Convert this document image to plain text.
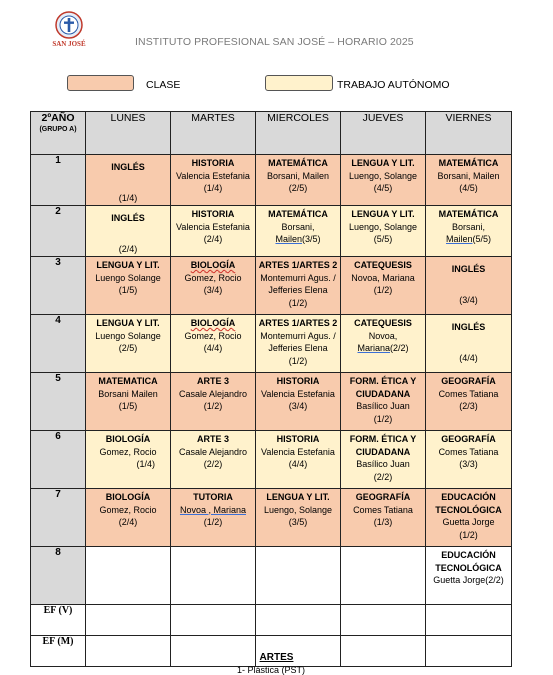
SAN JOSÉ	INSTITUTO PROFESIONAL SAN JOSÉ – HORARIO 2025
CLASE	TRABAJO AUTÓNOMO
2ºAÑO
(GRUPO A)	LUNES	MARTES	MIERCOLES	JUEVES	VIERNES
1	INGLÉS
(1/4)	HISTORIA
Valencia Estefania
(1/4)	MATEMÁTICA
Borsani, Mailen
(2/5)	LENGUA Y LIT.
Luengo, Solange
(4/5)	MATEMÁTICA
Borsani, Mailen
(4/5)

2	INGLÉS
(2/4)	HISTORIA
Valencia Estefania
(2/4)	MATEMÁTICA
Borsani,
Mailen(3/5)	LENGUA Y LIT.
Luengo, Solange
(5/5)	MATEMÁTICA
Borsani,
Mailen(5/5)

3	LENGUA Y LIT.
Luengo Solange
(1/5)	BIOLOGÍA
Gomez, Rocio
(3/4)	ARTES 1/ARTES 2
Montemurri Agus. /
Jefferies Elena
(1/2)	CATEQUESIS
Novoa, Mariana
(1/2)	INGLÉS
(3/4)

4	LENGUA Y LIT.
Luengo Solange
(2/5)	BIOLOGÍA
Gomez, Rocio
(4/4)	ARTES 1/ARTES 2
Montemurri Agus. /
Jefferies Elena
(1/2)	CATEQUESIS
Novoa,
Mariana(2/2)	INGLÉS
(4/4)

5	MATEMATICA
Borsani Mailen
(1/5)	ARTE 3
Casale Alejandro
(1/2)	HISTORIA
Valencia Estefania
(3/4)	FORM. ÉTICA Y CIUDADANA
Basílico Juan
(1/2)	GEOGRAFÍA
Comes Tatiana
(2/3)

6	BIOLOGÍA
Gomez, Rocio
(1/4)	ARTE 3
Casale Alejandro
(2/2)	HISTORIA
Valencia Estefania
(4/4)	FORM. ÉTICA Y CIUDADANA
Basílico Juan
(2/2)	GEOGRAFÍA
Comes Tatiana
(3/3)

7	BIOLOGÍA
Gomez, Rocio
(2/4)	TUTORIA
Novoa , Mariana
(1/2)	LENGUA Y LIT.
Luengo, Solange
(3/5)	GEOGRAFÍA
Comes Tatiana
(1/3)	EDUCACIÓN TECNOLÓGICA
Guetta Jorge
(1/2)

8					EDUCACIÓN TECNOLÓGICA
Guetta Jorge(2/2)

EF (V)					
EF (M)					
ARTES
1- Plástica (PST)
